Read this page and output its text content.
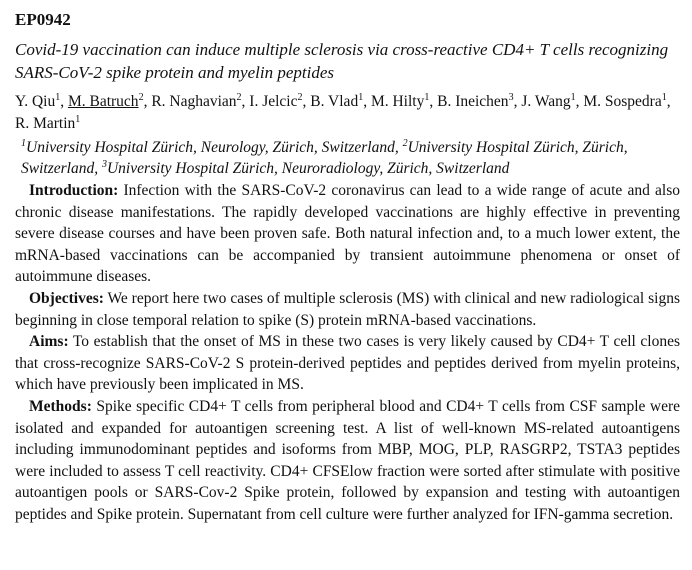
EP0942
Covid-19 vaccination can induce multiple sclerosis via cross-reactive CD4+ T cells recognizing SARS-CoV-2 spike protein and myelin peptides
Y. Qiu$^1$, M. Batruch$^2$, R. Naghavian$^2$, I. Jelcic$^2$, B. Vlad$^1$, M. Hilty$^1$, B. Ineichen$^3$, J. Wang$^1$, M. Sospedra$^1$, R. Martin$^1$
$^1$University Hospital Zürich, Neurology, Zürich, Switzerland, $^2$University Hospital Zürich, Zürich, Switzerland, $^3$University Hospital Zürich, Neuroradiology, Zürich, Switzerland

Introduction: Infection with the SARS-CoV-2 coronavirus can lead to a wide range of acute and also chronic disease manifestations. The rapidly developed vaccinations are highly effective in preventing severe disease courses and have been proven safe. Both natural infection and, to a much lower extent, the mRNA-based vaccinations can be accompanied by transient autoimmune phenomena or onset of autoimmune diseases.

Objectives: We report here two cases of multiple sclerosis (MS) with clinical and new radiological signs beginning in close temporal relation to spike (S) protein mRNA-based vaccinations.

Aims: To establish that the onset of MS in these two cases is very likely caused by CD4+ T cell clones that cross-recognize SARS-CoV-2 S protein-derived peptides and peptides derived from myelin proteins, which have previously been implicated in MS.

Methods: Spike specific CD4+ T cells from peripheral blood and CD4+ T cells from CSF sample were isolated and expanded for autoantigen screening test. A list of well-known MS-related autoantigens including immunodominant peptides and isoforms from MBP, MOG, PLP, RASGRP2, TSTA3 peptides were included to assess T cell reactivity. CD4+ CFSElow fraction were sorted after stimulate with positive autoantigen pools or SARS-Cov-2 Spike protein, followed by expansion and testing with autoantigen peptides and Spike protein. Supernatant from cell culture were further analyzed for IFN-gamma secretion.
